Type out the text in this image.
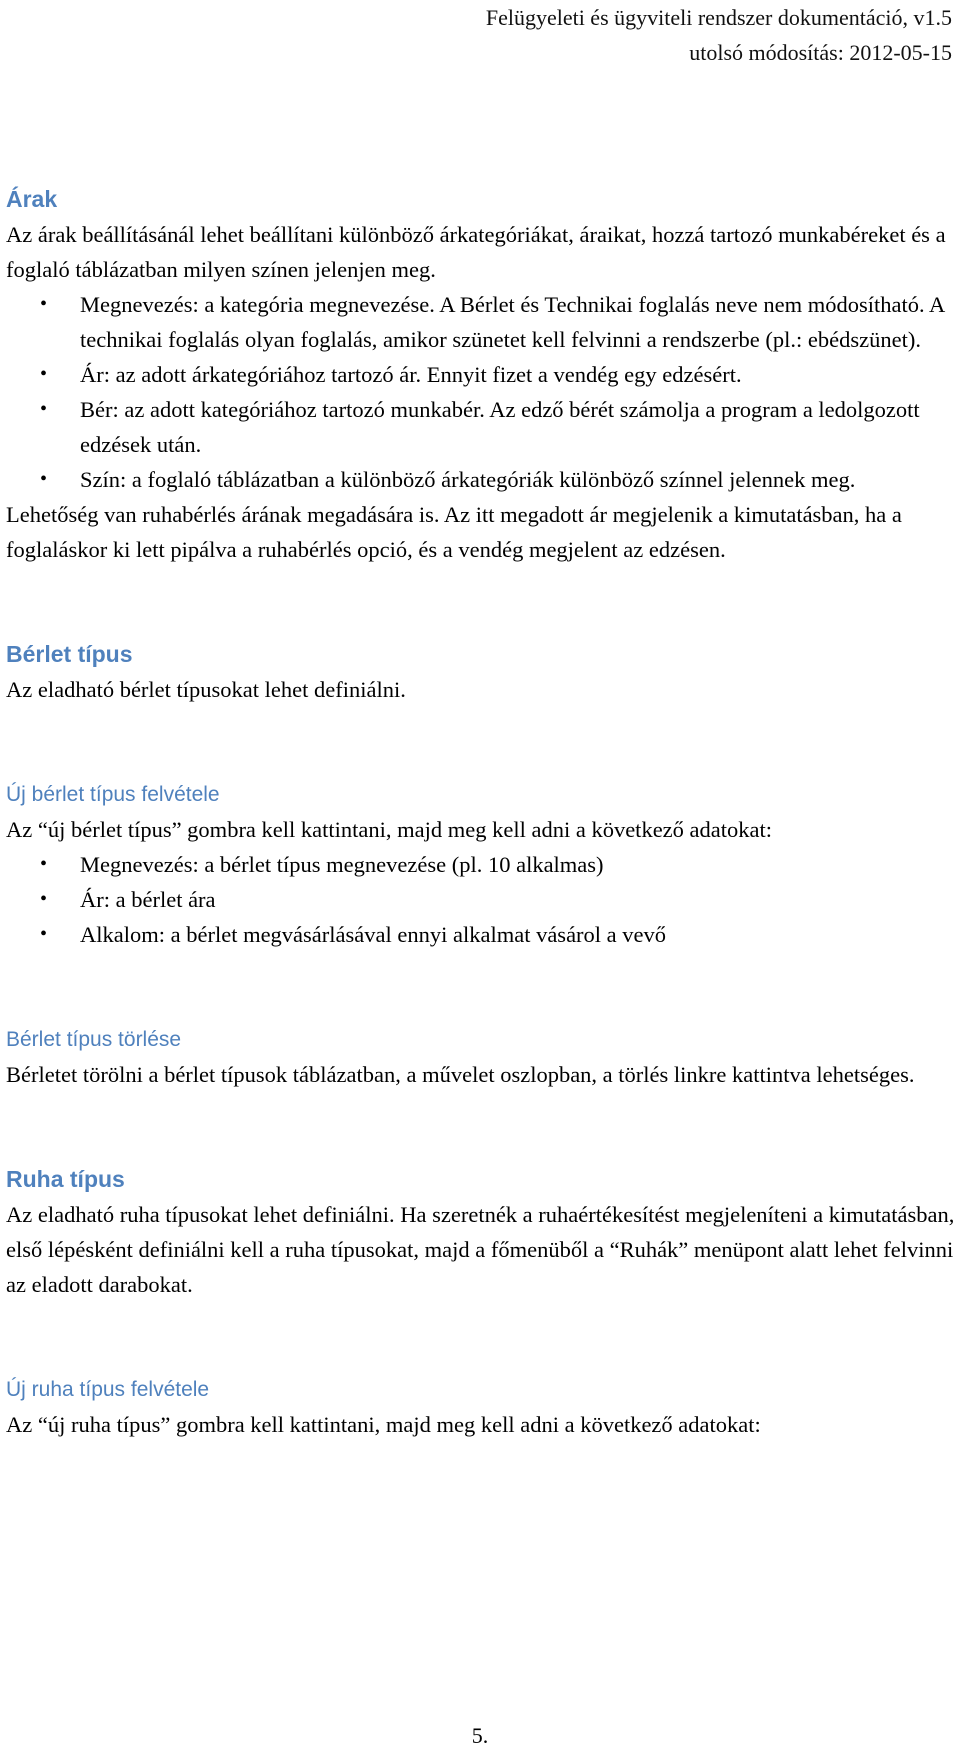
Felügyeleti és ügyviteli rendszer dokumentáció, v1.5
utolsó módosítás: 2012-05-15
Árak

Az árak beállításánál lehet beállítani különböző árkategóriákat, áraikat, hozzá tartozó munkabéreket és a foglaló táblázatban milyen színen jelenjen meg.

• Megnevezés: a kategória megnevezése. A Bérlet és Technikai foglalás neve nem módosítható. A technikai foglalás olyan foglalás, amikor szünetet kell felvinni a rendszerbe (pl.: ebédszünet).
• Ár: az adott árkategóriához tartozó ár. Ennyit fizet a vendég egy edzésért.
• Bér: az adott kategóriához tartozó munkabér. Az edző bérét számolja a program a ledolgozott edzések után.
• Szín: a foglaló táblázatban a különböző árkategóriák különböző színnel jelennek meg.

Lehetőség van ruhabérlés árának megadására is. Az itt megadott ár megjelenik a kimutatásban, ha a foglaláskor ki lett pipálva a ruhabérlés opció, és a vendég megjelent az edzésen.

Bérlet típus

Az eladható bérlet típusokat lehet definiálni.

Új bérlet típus felvétele

Az “új bérlet típus” gombra kell kattintani, majd meg kell adni a következő adatokat:

• Megnevezés: a bérlet típus megnevezése (pl. 10 alkalmas)
• Ár: a bérlet ára
• Alkalom: a bérlet megvásárlásával ennyi alkalmat vásárol a vevő
Bérlet típus törlése

Bérletet törölni a bérlet típusok táblázatban, a művelet oszlopban, a törlés linkre kattintva lehetséges.

Ruha típus

Az eladható ruha típusokat lehet definiálni. Ha szeretnék a ruhaértékesítést megjeleníteni a kimutatásban, első lépésként definiálni kell a ruha típusokat, majd a főmenüből a “Ruhák” menüpont alatt lehet felvinni az eladott darabokat.

Új ruha típus felvétele

Az “új ruha típus” gombra kell kattintani, majd meg kell adni a következő adatokat:

5.
